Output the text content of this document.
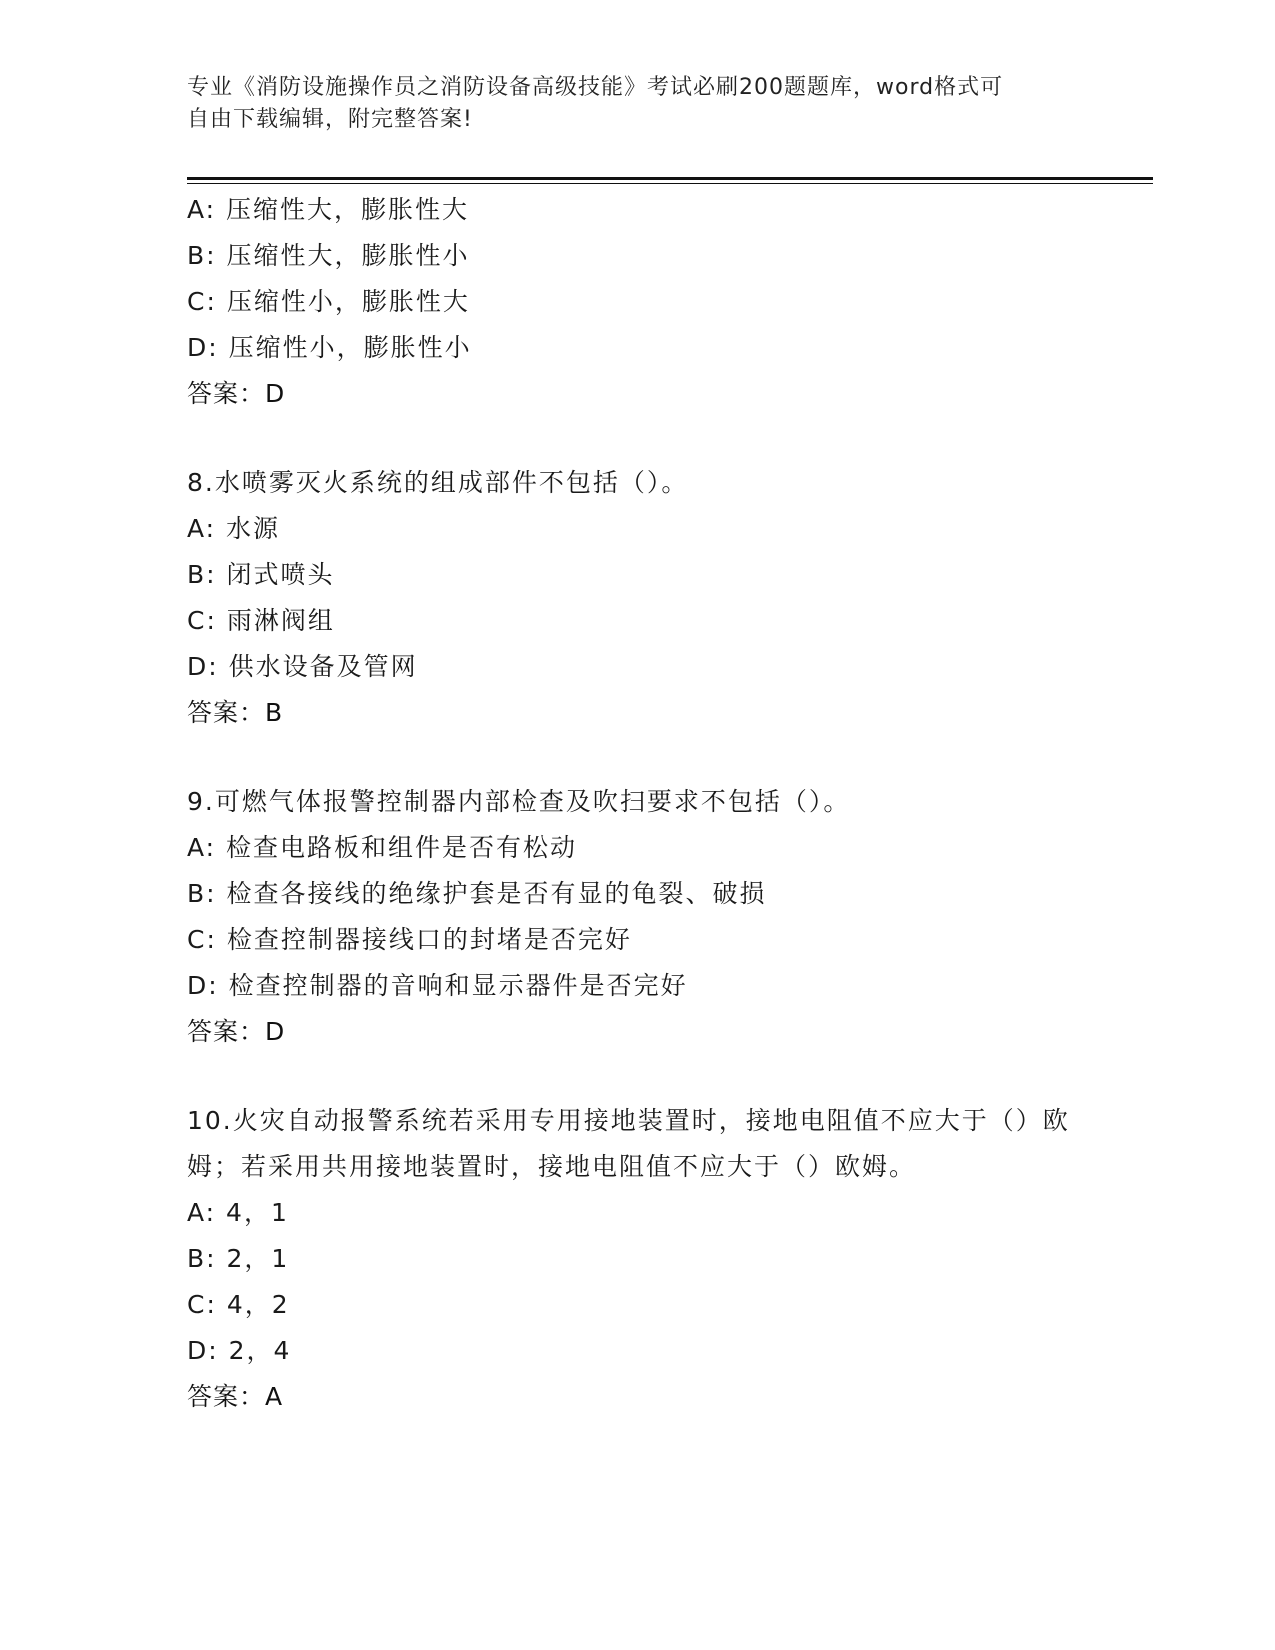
专业《消防设施操作员之消防设备高级技能》考试必刷200题题库，word格式可
自由下载编辑，附完整答案!

A: 压缩性大，膨胀性大

B: 压缩性大，膨胀性小

C: 压缩性小，膨胀性大

D: 压缩性小，膨胀性小

答案：D

8.水喷雾灭火系统的组成部件不包括（）。

A: 水源

B: 闭式喷头

C: 雨淋阀组

D: 供水设备及管网

答案：B

9.可燃气体报警控制器内部检查及吹扫要求不包括（）。

A: 检查电路板和组件是否有松动

B: 检查各接线的绝缘护套是否有显的龟裂、破损

C: 检查控制器接线口的封堵是否完好

D: 检查控制器的音响和显示器件是否完好

答案：D

10.火灾自动报警系统若采用专用接地装置时，接地电阻值不应大于（）欧姆；若采用共用接地装置时，接地电阻值不应大于（）欧姆。

A: 4，1

B: 2，1

C: 4，2

D: 2，4

答案：A
